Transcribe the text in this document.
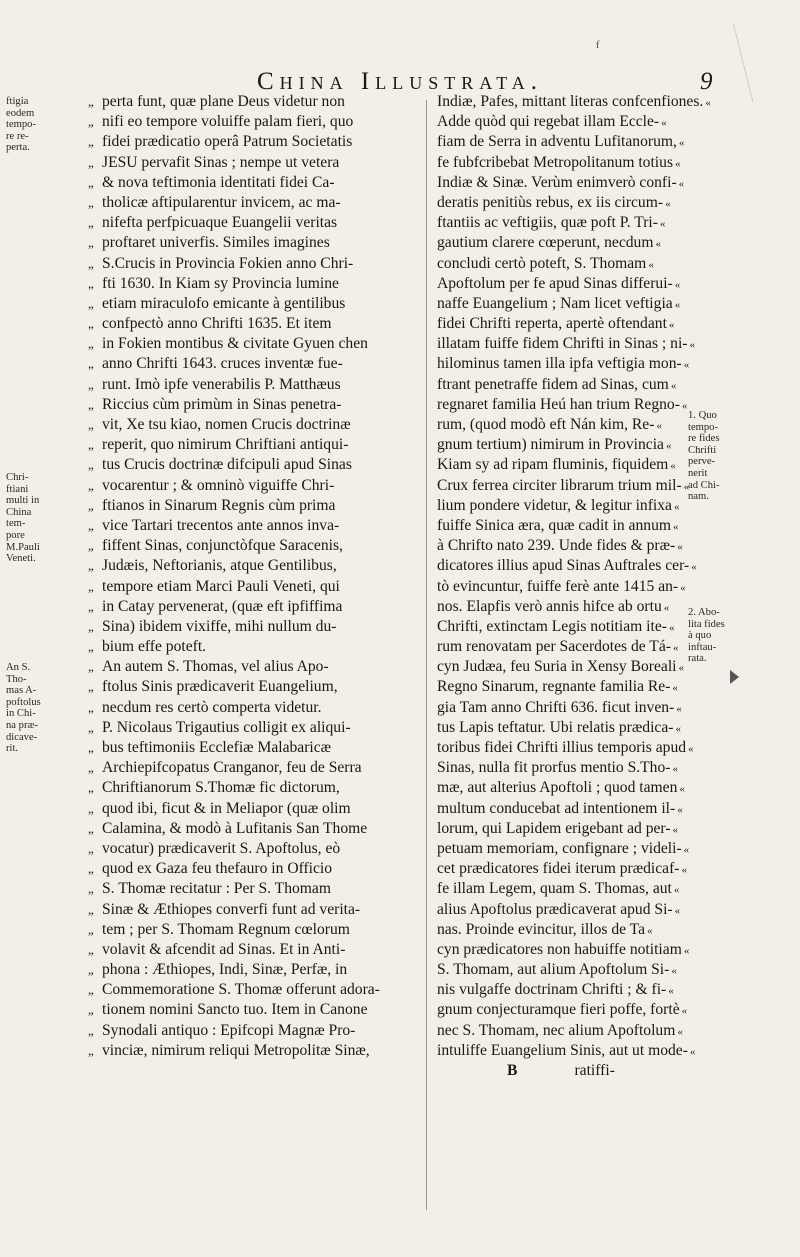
f
China Illustrata.	9
ftigia
eodem
tempo-
re re-
perta.
Chri-
ftiani
multi in
China
tem-
pore
M.Pauli
Veneti.
An S.
Tho-
mas A-
poftolus
in Chi-
na præ-
dicave-
rit.
1. Quo
tempo-
re fides
Chrifti
perve-
nerit
ad Chi-
nam.
2. Abo-
lita fides
à quo
inftau-
rata.
„ perta funt, quæ plane Deus videtur non
„ nifi eo tempore voluiffe palam fieri, quo
„ fidei prædicatio operâ Patrum Societatis
„ JESU pervafit Sinas ; nempe ut vetera
„ & nova teftimonia identitati fidei Ca-
„ tholicæ aftipularentur invicem, ac ma-
„ nifefta perfpicuaque Euangelii veritas
„ proftaret univerfis. Similes imagines
„ S.Crucis in Provincia Fokien anno Chri-
„ fti 1630. In Kiam sy Provincia lumine
„ etiam miraculofo emicante à gentilibus
„ confpectò anno Chrifti 1635. Et item
„ in Fokien montibus & civitate Gyuen chen
„ anno Chrifti 1643. cruces inventæ fue-
„ runt. Imò ipfe venerabilis P. Matthæus
„ Riccius cùm primùm in Sinas penetra-
„ vit, Xe tsu kiao, nomen Crucis doctrinæ
„ reperit, quo nimirum Chriftiani antiqui-
„ tus Crucis doctrinæ difcipuli apud Sinas
„ vocarentur ; & omninò viguiffe Chri-
„ ftianos in Sinarum Regnis cùm prima
„ vice Tartari trecentos ante annos inva-
„ fiffent Sinas, conjunctòfque Saracenis,
„ Judæis, Neftorianis, atque Gentilibus,
„ tempore etiam Marci Pauli Veneti, qui
„ in Catay pervenerat, (quæ eft ipfiffima
„ Sina) ibidem vixiffe, mihi nullum du-
„ bium effe poteft.
„ An autem S. Thomas, vel alius Apo-
„ ftolus Sinis prædicaverit Euangelium,
„ necdum res certò comperta videtur.
„ P. Nicolaus Trigautius colligit ex aliqui-
„ bus teftimoniis Ecclefiæ Malabaricæ
„ Archiepifcopatus Cranganor, feu de Serra
„ Chriftianorum S.Thomæ fic dictorum,
„ quod ibi, ficut & in Meliapor (quæ olim
„ Calamina, & modò à Lufitanis San Thome
„ vocatur) prædicaverit S. Apoftolus, eò
„ quod ex Gaza feu thefauro in Officio
„ S. Thomæ recitatur : Per S. Thomam
„ Sinæ & Æthiopes converfi funt ad verita-
„ tem ; per S. Thomam Regnum cœlorum
„ volavit & afcendit ad Sinas. Et in Anti-
„ phona : Æthiopes, Indi, Sinæ, Perfæ, in
„ Commemoratione S. Thomæ offerunt adora-
„ tionem nomini Sancto tuo. Item in Canone
„ Synodali antiquo : Epifcopi Magnæ Pro-
„ vinciæ, nimirum reliqui Metropolitæ Sinæ,
Indiæ, Pafes, mittant literas confcenfiones. «
Adde quòd qui regebat illam Eccle- «
fiam de Serra in adventu Lufitanorum, «
fe fubfcribebat Metropolitanum totius «
Indiæ & Sinæ. Verùm enimverò confi- «
deratis penitiùs rebus, ex iis circum- «
ftantiis ac veftigiis, quæ poft P. Tri- «
gautium clarere cœperunt, necdum «
concludi certò poteft, S. Thomam «
Apoftolum per fe apud Sinas differui- «
naffe Euangelium ; Nam licet veftigia «
fidei Chrifti reperta, apertè oftendant «
illatam fuiffe fidem Chrifti in Sinas ; ni- «
hilominus tamen illa ipfa veftigia mon- «
ftrant penetraffe fidem ad Sinas, cum «
regnaret familia Heú han trium Regno- «
rum, (quod modò eft Nán kim, Re- «
gnum tertium) nimirum in Provincia «
Kiam sy ad ripam fluminis, fiquidem «
Crux ferrea circiter librarum trium mil- «
lium pondere videtur, & legitur infixa «
fuiffe Sinica æra, quæ cadit in annum «
à Chrifto nato 239. Unde fides & præ- «
dicatores illius apud Sinas Auftrales cer- «
tò evincuntur, fuiffe ferè ante 1415 an- «
nos. Elapfis verò annis hifce ab ortu «
Chrifti, extinctam Legis notitiam ite- «
rum renovatam per Sacerdotes de Tá- «
cyn Judæa, feu Suria in Xensy Boreali «
Regno Sinarum, regnante familia Re- «
gia Tam anno Chrifti 636. ficut inven- «
tus Lapis teftatur. Ubi relatis prædica- «
toribus fidei Chrifti illius temporis apud «
Sinas, nulla fit prorfus mentio S.Tho- «
mæ, aut alterius Apoftoli ; quod tamen «
multum conducebat ad intentionem il- «
lorum, qui Lapidem erigebant ad per- «
petuam memoriam, confignare ; videli- «
cet prædicatores fidei iterum prædicaf- «
fe illam Legem, quam S. Thomas, aut «
alius Apoftolus prædicaverat apud Si- «
nas. Proinde evincitur, illos de Ta «
cyn prædicatores non habuiffe notitiam «
S. Thomam, aut alium Apoftolum Si- «
nis vulgaffe doctrinam Chrifti ; & fi- «
gnum conjecturamque fieri poffe, fortè «
nec S. Thomam, nec alium Apoftolum «
intuliffe Euangelium Sinis, aut ut mode- «
B	ratiffi-
